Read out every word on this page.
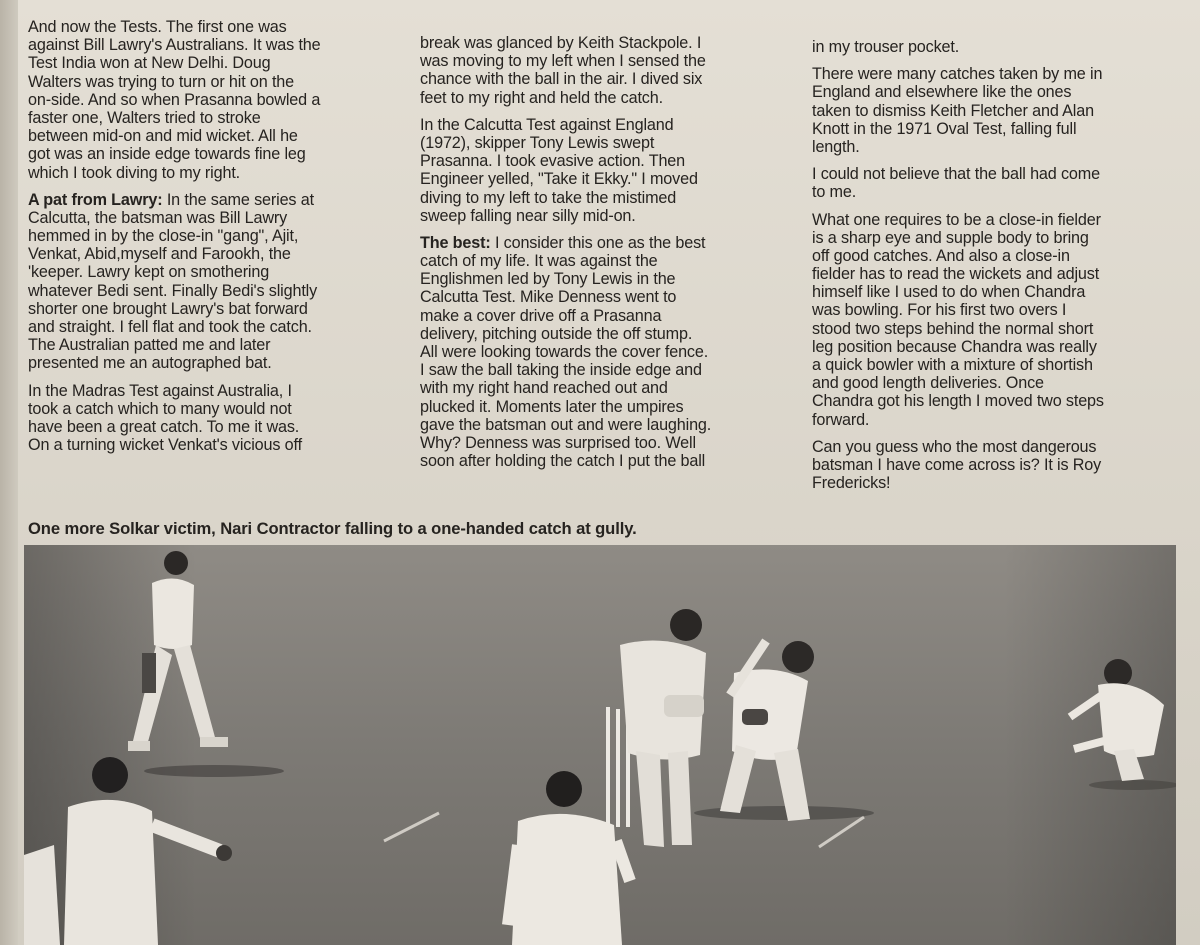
And now the Tests. The first one was
against Bill Lawry's Australians. It was the
Test India won at New Delhi. Doug
Walters was trying to turn or hit on the
on-side. And so when Prasanna bowled a
faster one, Walters tried to stroke
between mid-on and mid wicket. All he
got was an inside edge towards fine leg
which I took diving to my right.
A pat from Lawry: In the same series at
Calcutta, the batsman was Bill Lawry
hemmed in by the close-in "gang", Ajit,
Venkat, Abid,myself and Farookh, the
'keeper. Lawry kept on smothering
whatever Bedi sent. Finally Bedi's slightly
shorter one brought Lawry's bat forward
and straight. I fell flat and took the catch.
The Australian patted me and later
presented me an autographed bat.
In the Madras Test against Australia, I
took a catch which to many would not
have been a great catch. To me it was.
On a turning wicket Venkat's vicious off
break was glanced by Keith Stackpole. I
was moving to my left when I sensed the
chance with the ball in the air. I dived six
feet to my right and held the catch.
In the Calcutta Test against England
(1972), skipper Tony Lewis swept
Prasanna. I took evasive action. Then
Engineer yelled, "Take it Ekky." I moved
diving to my left to take the mistimed
sweep falling near silly mid-on.
The best: I consider this one as the best
catch of my life. It was against the
Englishmen led by Tony Lewis in the
Calcutta Test. Mike Denness went to
make a cover drive off a Prasanna
delivery, pitching outside the off stump.
All were looking towards the cover fence.
I saw the ball taking the inside edge and
with my right hand reached out and
plucked it. Moments later the umpires
gave the batsman out and were laughing.
Why? Denness was surprised too. Well
soon after holding the catch I put the ball
in my trouser pocket.
There were many catches taken by me in
England and elsewhere like the ones
taken to dismiss Keith Fletcher and Alan
Knott in the 1971 Oval Test, falling full
length.
I could not believe that the ball had come
to me.
What one requires to be a close-in fielder
is a sharp eye and supple body to bring
off good catches. And also a close-in
fielder has to read the wickets and adjust
himself like I used to do when Chandra
was bowling. For his first two overs I
stood two steps behind the normal short
leg position because Chandra was really
a quick bowler with a mixture of shortish
and good length deliveries. Once
Chandra got his length I moved two steps
forward.
Can you guess who the most dangerous
batsman I have come across is? It is Roy
Fredericks!
One more Solkar victim, Nari Contractor falling to a one-handed catch at gully.
